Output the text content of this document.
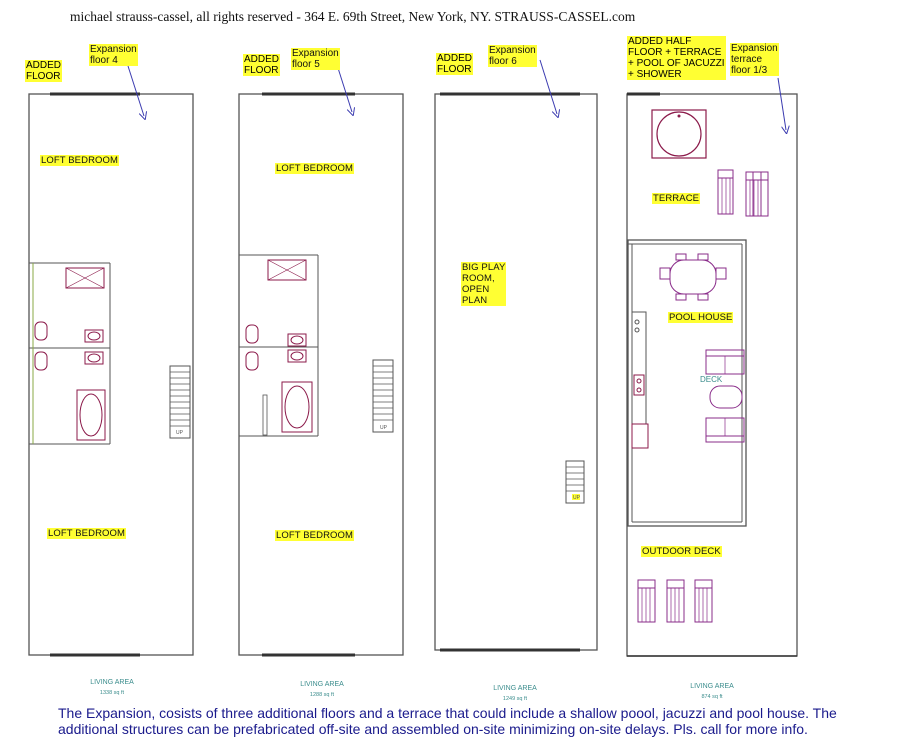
michael strauss-cassel, all rights reserved - 364 E. 69th Street, New York, NY. STRAUSS-CASSEL.com
UP
UP
UP
ADDED
FLOOR
Expansion
floor 4
LOFT BEDROOM
LOFT BEDROOM
ADDED
FLOOR
Expansion
floor 5
LOFT BEDROOM
LOFT BEDROOM
ADDED
FLOOR
Expansion
floor 6
BIG PLAY
ROOM,
OPEN
PLAN
ADDED HALF
FLOOR + TERRACE
+ POOL OF JACUZZI
+ SHOWER
Expansion
terrace
floor 1/3
TERRACE
POOL HOUSE
OUTDOOR DECK
DECK
LIVING AREA
1338 sq ft
LIVING AREA
1288 sq ft
LIVING AREA
1249 sq ft
LIVING AREA
874 sq ft
The Expansion, cosists of three additional floors and a terrace that could include a shallow poool, jacuzzi and pool house. The additional structures can be prefabricated off-site and assembled on-site minimizing on-site delays. Pls. call for more info.
